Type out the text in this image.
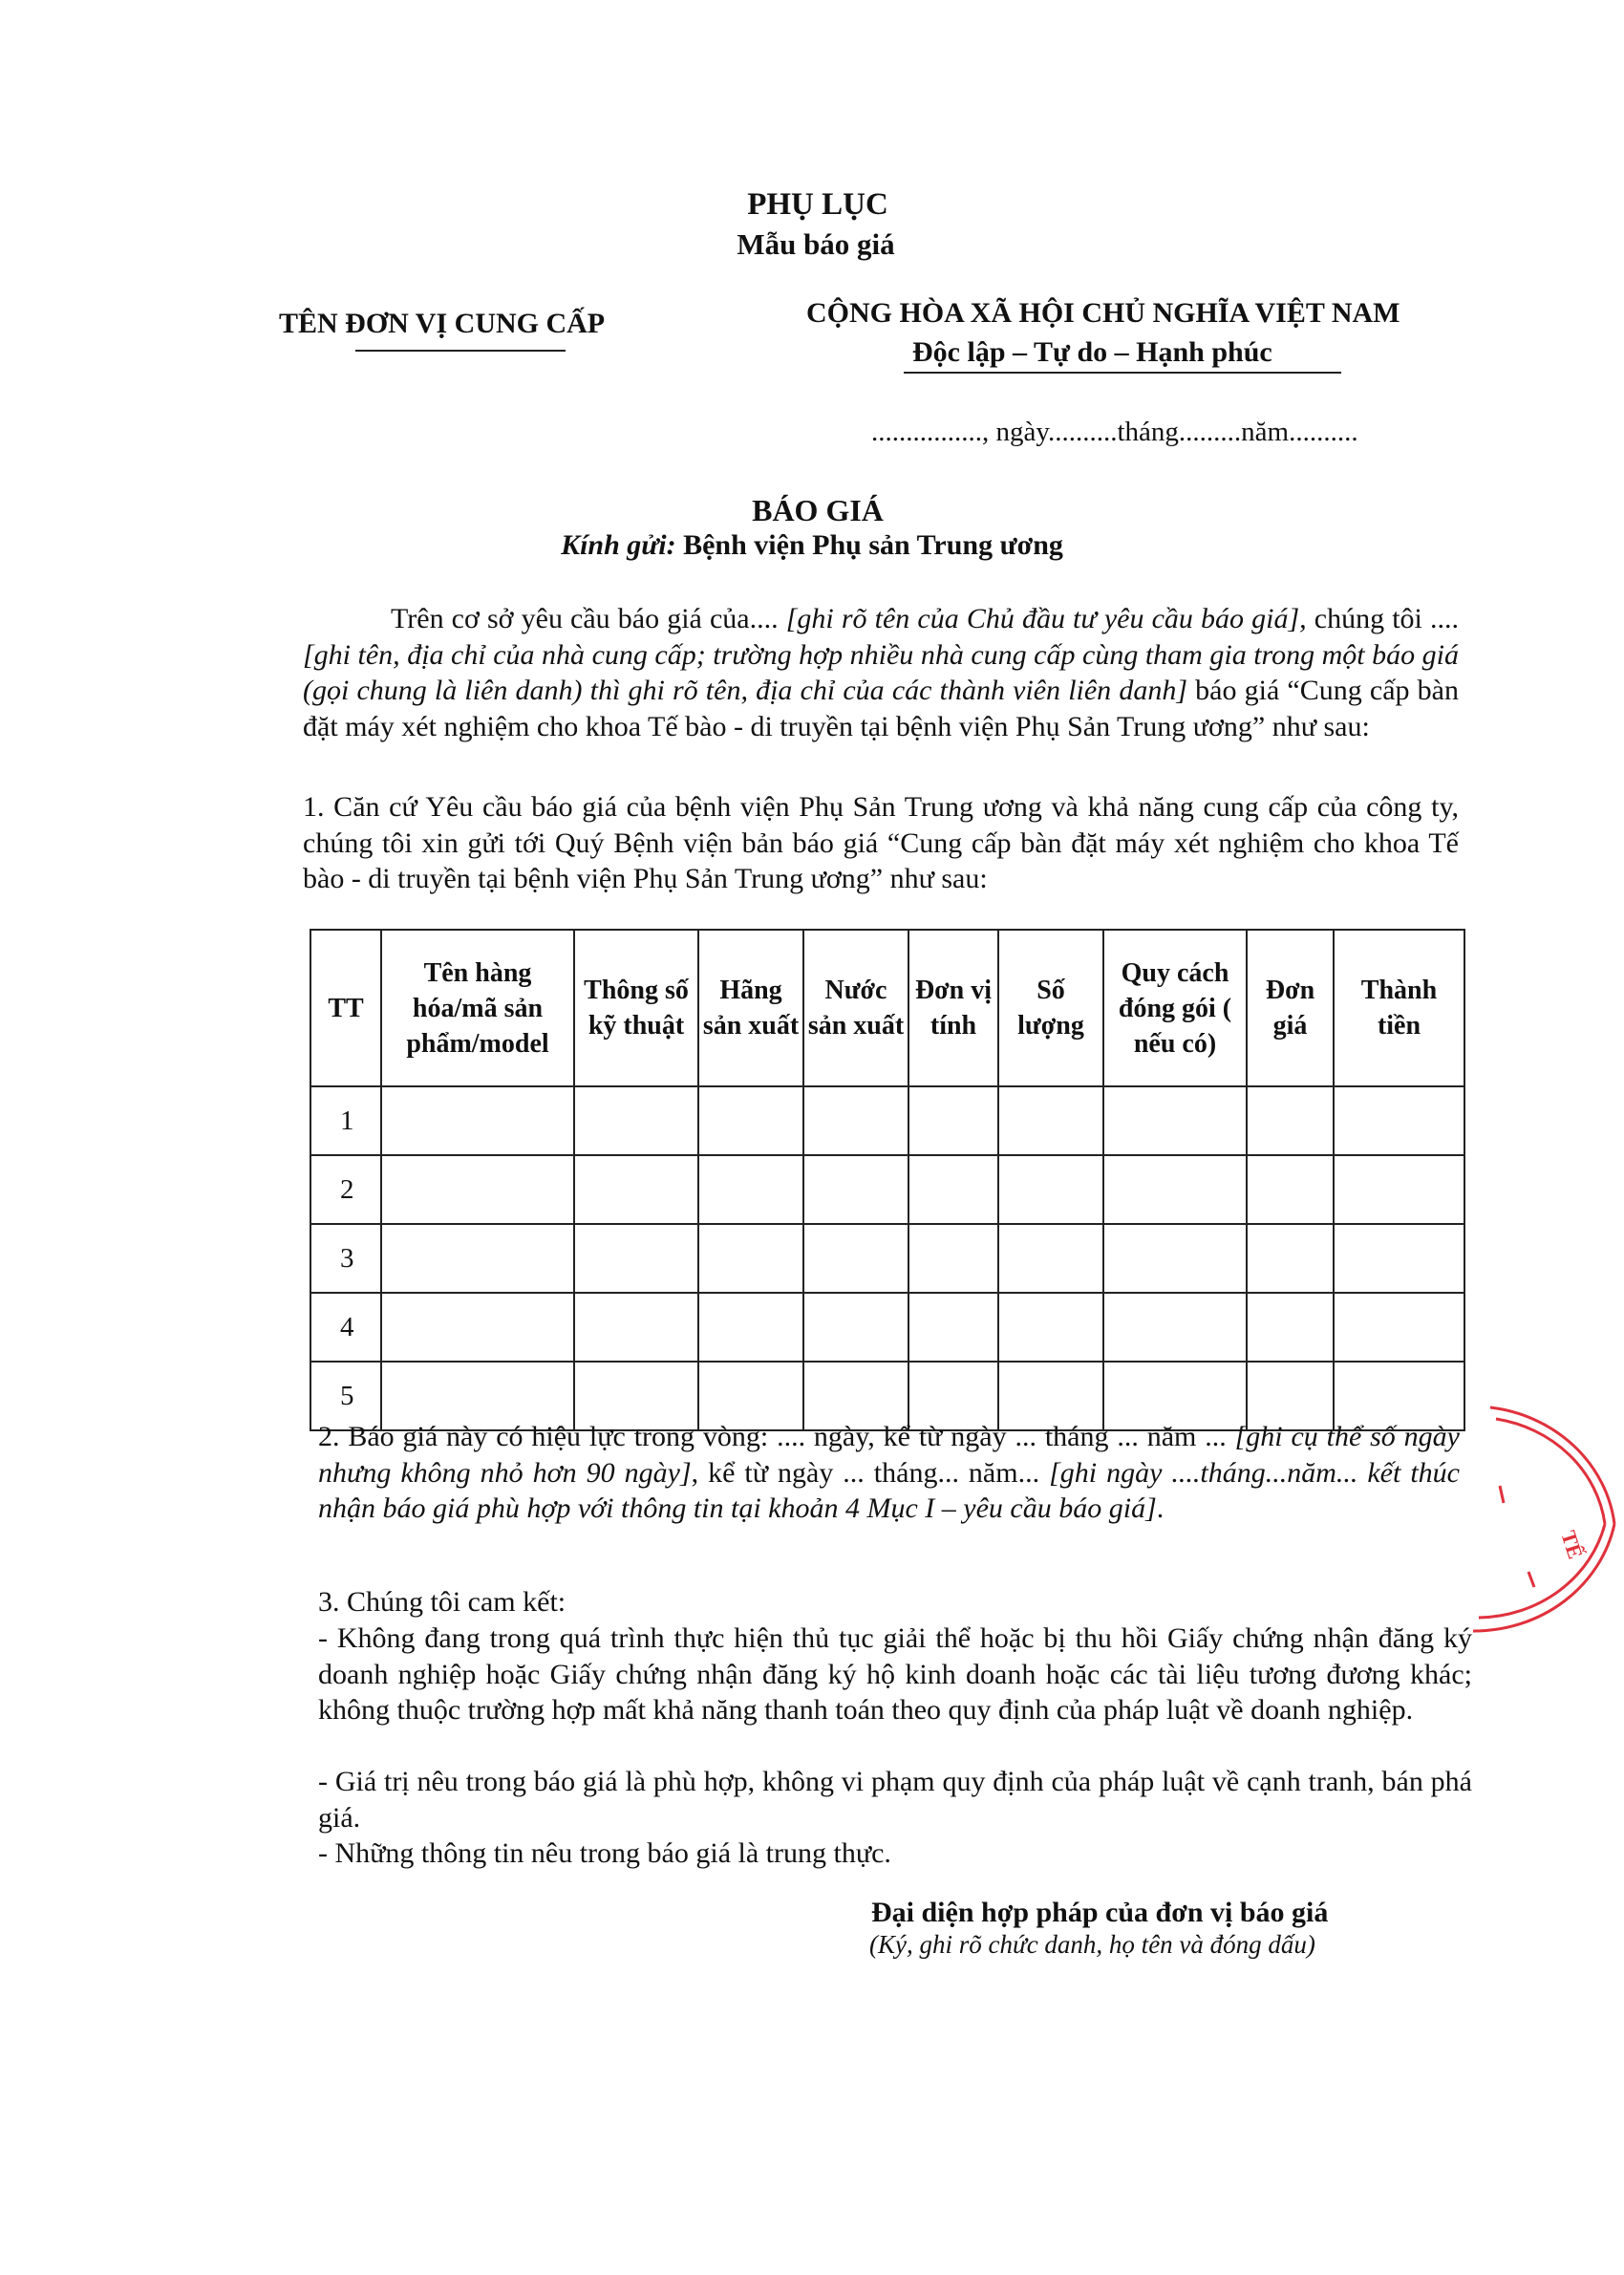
PHỤ LỤC
Mẫu báo giá
TÊN ĐƠN VỊ CUNG CẤP	CỘNG HÒA XÃ HỘI CHỦ NGHĨA VIỆT NAM
Độc lập – Tự do – Hạnh phúc
................, ngày..........tháng.........năm..........
BÁO GIÁ
Kính gửi: Bệnh viện Phụ sản Trung ương
Trên cơ sở yêu cầu báo giá của.... [ghi rõ tên của Chủ đầu tư yêu cầu báo giá], chúng tôi .... [ghi tên, địa chỉ của nhà cung cấp; trường hợp nhiều nhà cung cấp cùng tham gia trong một báo giá (gọi chung là liên danh) thì ghi rõ tên, địa chỉ của các thành viên liên danh] báo giá “Cung cấp bàn đặt máy xét nghiệm cho khoa Tế bào - di truyền tại bệnh viện Phụ Sản Trung ương” như sau:
1. Căn cứ Yêu cầu báo giá của bệnh viện Phụ Sản Trung ương và khả năng cung cấp của công ty, chúng tôi xin gửi tới Quý Bệnh viện bản báo giá “Cung cấp bàn đặt máy xét nghiệm cho khoa Tế bào - di truyền tại bệnh viện Phụ Sản Trung ương” như sau:
TT	Tên hàng hóa/mã sản phẩm/model	Thông số kỹ thuật	Hãng sản xuất	Nước sản xuất	Đơn vị tính	Số lượng	Quy cách đóng gói ( nếu có)	Đơn giá	Thành tiền
1									
2									
3									
4									
5									
2. Báo giá này có hiệu lực trong vòng: .... ngày, kể từ ngày ... tháng ... năm ... [ghi cụ thể số ngày nhưng không nhỏ hơn 90 ngày], kể từ ngày ... tháng... năm... [ghi ngày ....tháng...năm... kết thúc nhận báo giá phù hợp với thông tin tại khoản 4 Mục I – yêu cầu báo giá].
3. Chúng tôi cam kết:
- Không đang trong quá trình thực hiện thủ tục giải thể hoặc bị thu hồi Giấy chứng nhận đăng ký doanh nghiệp hoặc Giấy chứng nhận đăng ký hộ kinh doanh hoặc các tài liệu tương đương khác; không thuộc trường hợp mất khả năng thanh toán theo quy định của pháp luật về doanh nghiệp.
- Giá trị nêu trong báo giá là phù hợp, không vi phạm quy định của pháp luật về cạnh tranh, bán phá giá.
- Những thông tin nêu trong báo giá là trung thực.
Đại diện hợp pháp của đơn vị báo giá
(Ký, ghi rõ chức danh, họ tên và đóng dấu)
TẾ
